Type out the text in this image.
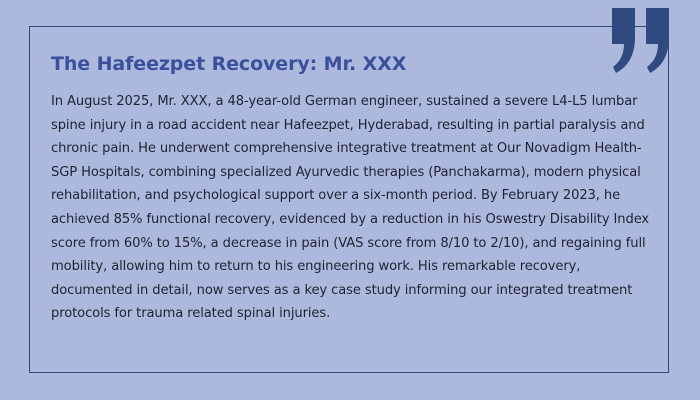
The Hafeezpet Recovery: Mr. XXX

In August 2025, Mr. XXX, a 48-year-old German engineer, sustained a severe L4-L5 lumbar spine injury in a road accident near Hafeezpet, Hyderabad, resulting in partial paralysis and chronic pain. He underwent comprehensive integrative treatment at Our Novadigm Health-SGP Hospitals, combining specialized Ayurvedic therapies (Panchakarma), modern physical rehabilitation, and psychological support over a six-month period. By February 2023, he achieved 85% functional recovery, evidenced by a reduction in his Oswestry Disability Index score from 60% to 15%, a decrease in pain (VAS score from 8/10 to 2/10), and regaining full mobility, allowing him to return to his engineering work. His remarkable recovery, documented in detail, now serves as a key case study informing our integrated treatment protocols for trauma related spinal injuries.
